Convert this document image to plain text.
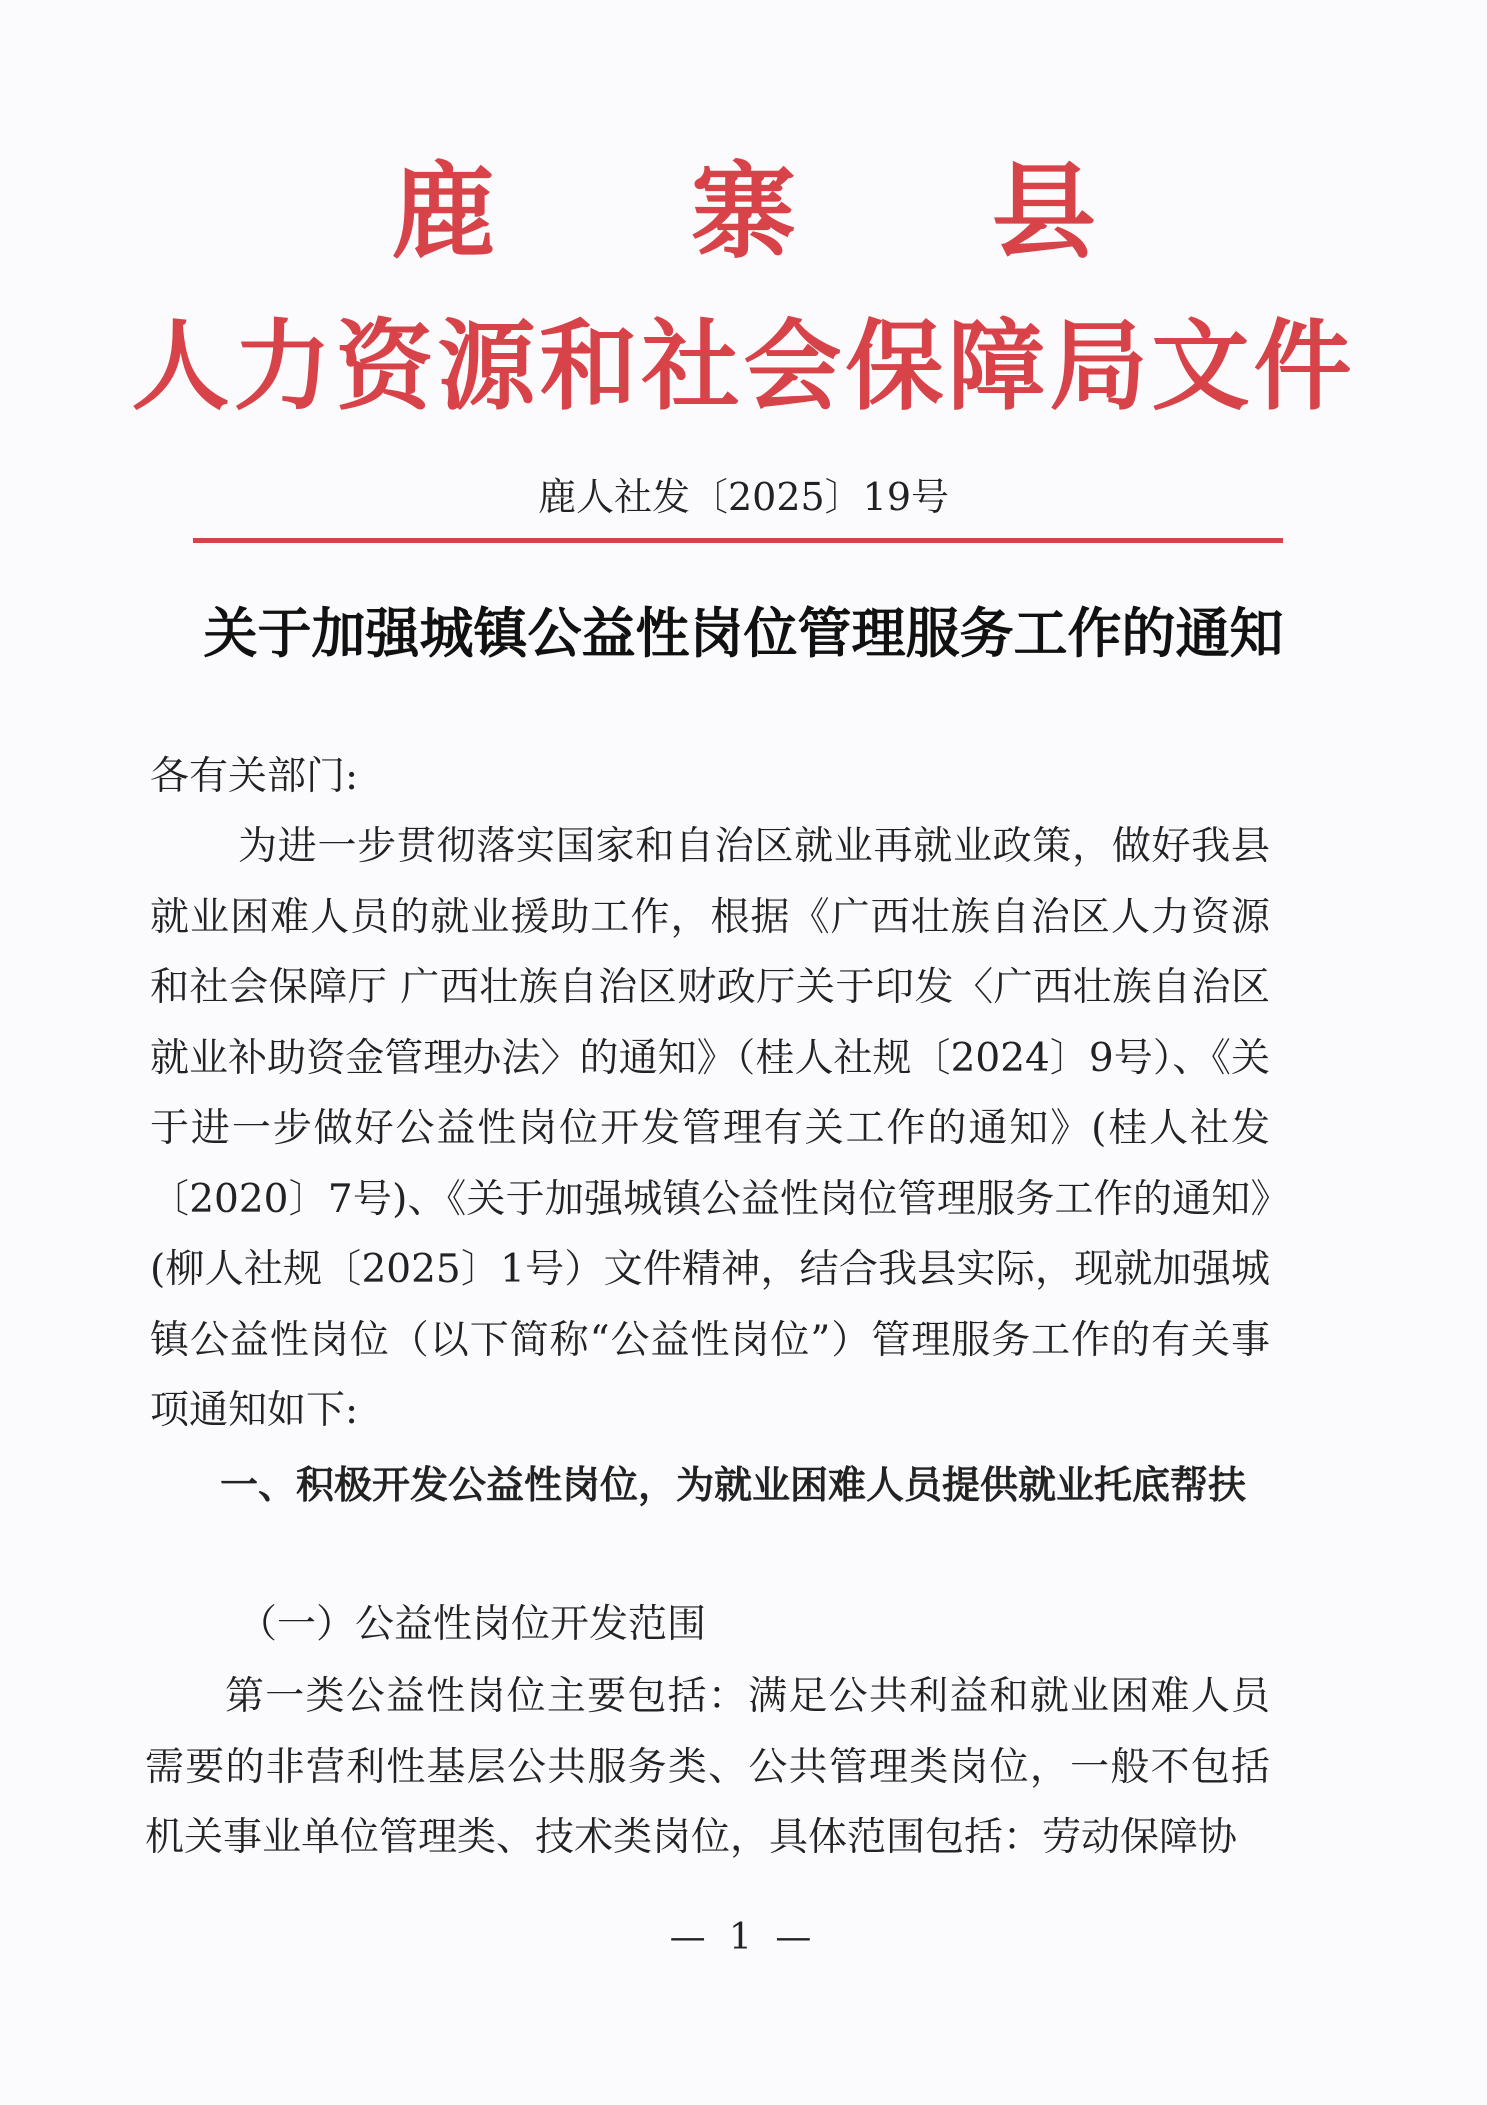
鹿 寨 县
人力资源和社会保障局文件
鹿人社发〔2025〕19号
关于加强城镇公益性岗位管理服务工作的通知
各有关部门:
为进一步贯彻落实国家和自治区就业再就业政策，做好我县就业困难人员的就业援助工作，根据《广西壮族自治区人力资源和社会保障厅 广西壮族自治区财政厅关于印发〈广西壮族自治区就业补助资金管理办法〉的通知》（桂人社规〔2024〕9号）、《关于进一步做好公益性岗位开发管理有关工作的通知》(桂人社发〔2020〕7号)、《关于加强城镇公益性岗位管理服务工作的通知》(柳人社规〔2025〕1号）文件精神，结合我县实际，现就加强城镇公益性岗位（以下简称“公益性岗位”）管理服务工作的有关事项通知如下:
一、积极开发公益性岗位，为就业困难人员提供就业托底帮扶
（一）公益性岗位开发范围
第一类公益性岗位主要包括：满足公共利益和就业困难人员需要的非营利性基层公共服务类、公共管理类岗位，一般不包括机关事业单位管理类、技术类岗位，具体范围包括：劳动保障协
— 1 —
